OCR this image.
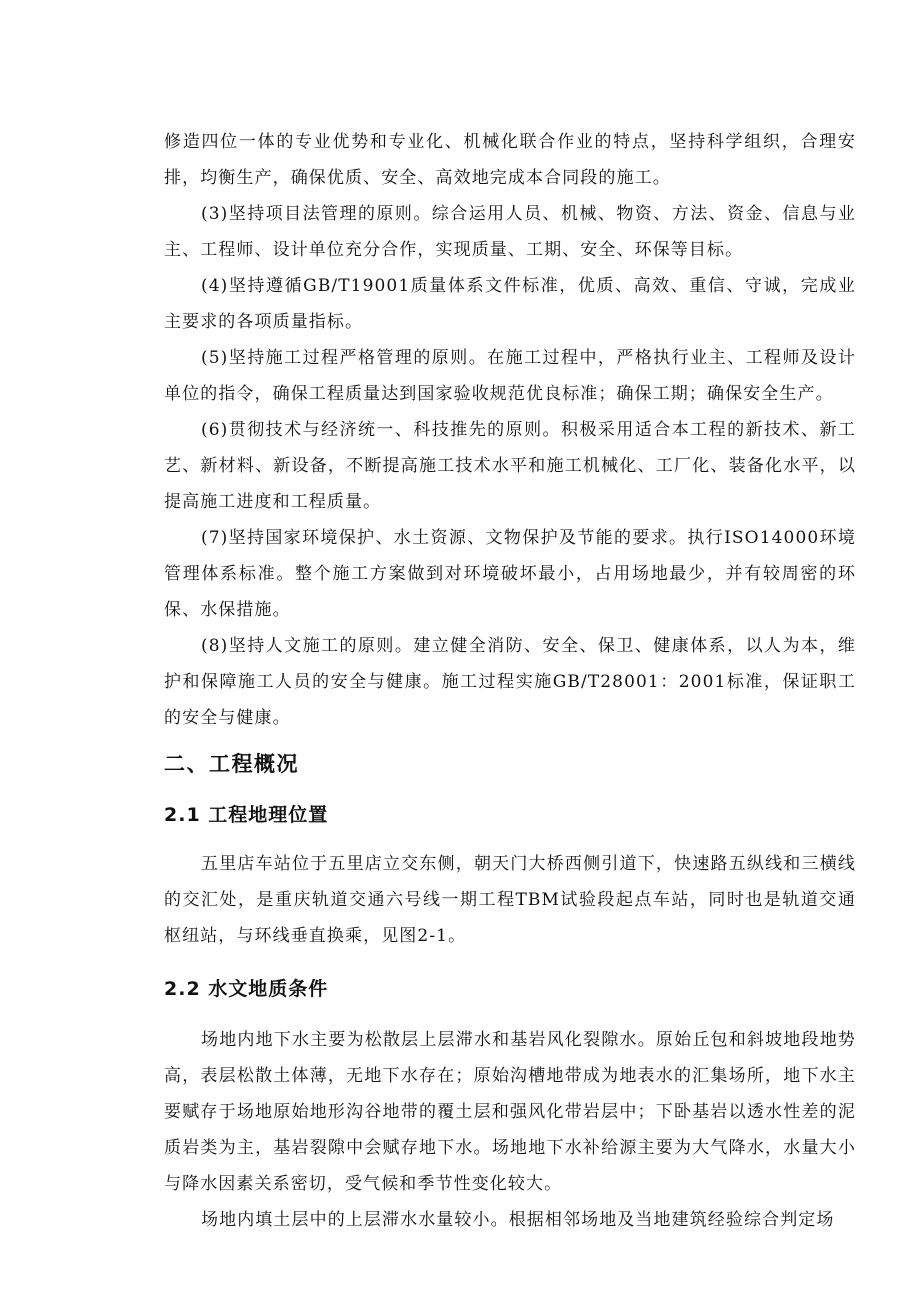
修造四位一体的专业优势和专业化、机械化联合作业的特点，坚持科学组织，合理安排，均衡生产，确保优质、安全、高效地完成本合同段的施工。

(3)坚持项目法管理的原则。综合运用人员、机械、物资、方法、资金、信息与业主、工程师、设计单位充分合作，实现质量、工期、安全、环保等目标。

(4)坚持遵循GB/T19001质量体系文件标准，优质、高效、重信、守诚，完成业主要求的各项质量指标。

(5)坚持施工过程严格管理的原则。在施工过程中，严格执行业主、工程师及设计单位的指令，确保工程质量达到国家验收规范优良标准；确保工期；确保安全生产。

(6)贯彻技术与经济统一、科技推先的原则。积极采用适合本工程的新技术、新工艺、新材料、新设备，不断提高施工技术水平和施工机械化、工厂化、装备化水平，以提高施工进度和工程质量。

(7)坚持国家环境保护、水土资源、文物保护及节能的要求。执行ISO14000环境管理体系标准。整个施工方案做到对环境破坏最小，占用场地最少，并有较周密的环保、水保措施。

(8)坚持人文施工的原则。建立健全消防、安全、保卫、健康体系，以人为本，维护和保障施工人员的安全与健康。施工过程实施GB/T28001：2001标准，保证职工的安全与健康。

二、工程概况
2.1 工程地理位置

五里店车站位于五里店立交东侧，朝天门大桥西侧引道下，快速路五纵线和三横线的交汇处，是重庆轨道交通六号线一期工程TBM试验段起点车站，同时也是轨道交通枢纽站，与环线垂直换乘，见图2-1。

2.2 水文地质条件

场地内地下水主要为松散层上层滞水和基岩风化裂隙水。原始丘包和斜坡地段地势高，表层松散土体薄，无地下水存在；原始沟槽地带成为地表水的汇集场所，地下水主要赋存于场地原始地形沟谷地带的覆土层和强风化带岩层中；下卧基岩以透水性差的泥质岩类为主，基岩裂隙中会赋存地下水。场地地下水补给源主要为大气降水，水量大小与降水因素关系密切，受气候和季节性变化较大。

场地内填土层中的上层滞水水量较小。根据相邻场地及当地建筑经验综合判定场
